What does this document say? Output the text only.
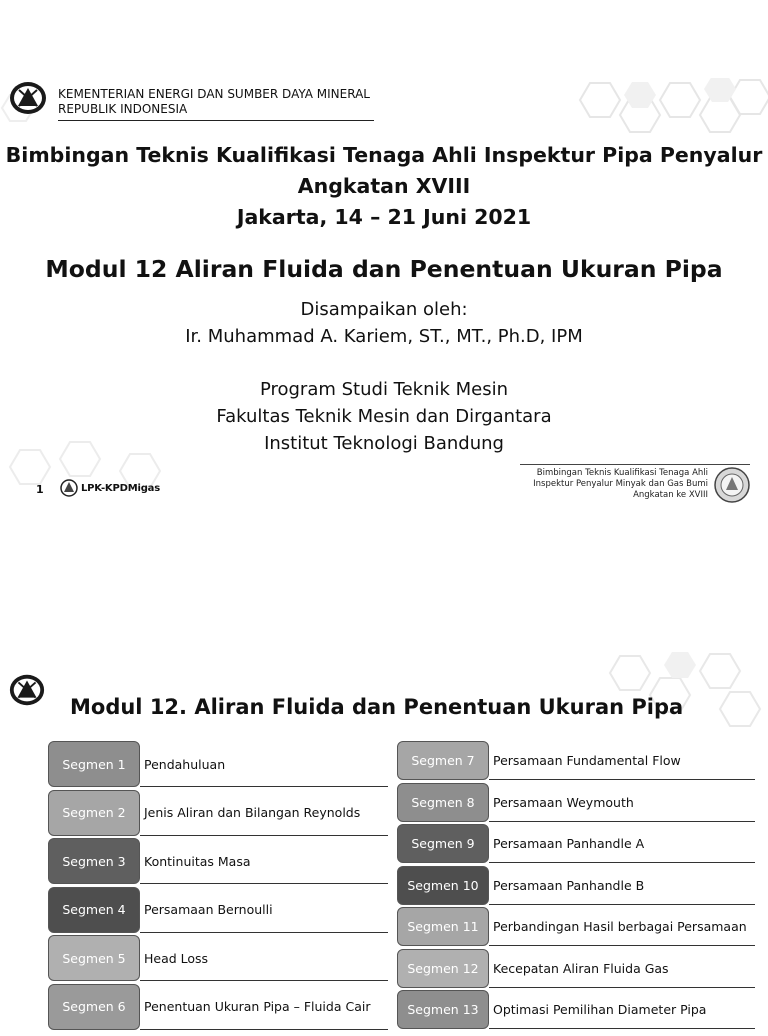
KEMENTERIAN ENERGI DAN SUMBER DAYA MINERAL
REPUBLIK INDONESIA
Bimbingan Teknis Kualifikasi Tenaga Ahli Inspektur Pipa Penyalur
Angkatan XVIII
Jakarta, 14 – 21 Juni 2021
Modul 12 Aliran Fluida dan Penentuan Ukuran Pipa
Disampaikan oleh:
Ir. Muhammad A. Kariem, ST., MT., Ph.D, IPM
Program Studi Teknik Mesin
Fakultas Teknik Mesin dan Dirgantara
Institut Teknologi Bandung
1	LPK-KPDMigas
Bimbingan Teknis Kualifikasi Tenaga Ahli
Inspektur Penyalur Minyak dan Gas Bumi
Angkatan ke XVIII
Modul 12. Aliran Fluida dan Penentuan Ukuran Pipa
Segmen 1	Pendahuluan
Segmen 2	Jenis Aliran dan Bilangan Reynolds
Segmen 3	Kontinuitas Masa
Segmen 4	Persamaan Bernoulli
Segmen 5	Head Loss
Segmen 6	Penentuan Ukuran Pipa – Fluida Cair
Segmen 7	Persamaan Fundamental Flow
Segmen 8	Persamaan Weymouth
Segmen 9	Persamaan Panhandle A
Segmen 10	Persamaan Panhandle B
Segmen 11	Perbandingan Hasil berbagai Persamaan
Segmen 12	Kecepatan Aliran Fluida Gas
Segmen 13	Optimasi Pemilihan Diameter Pipa
